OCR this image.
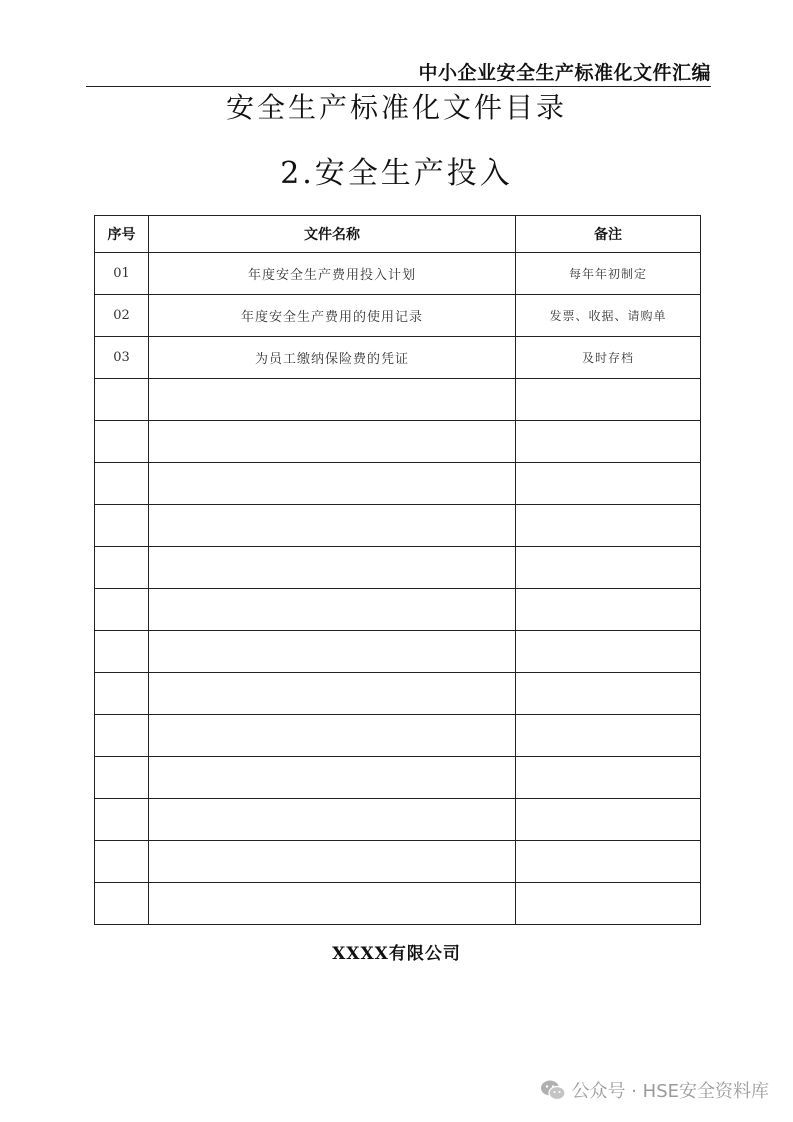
中小企业安全生产标准化文件汇编
安全生产标准化文件目录
2.安全生产投入
序号	文件名称	备注
01	年度安全生产费用投入计划	每年年初制定
02	年度安全生产费用的使用记录	发票、收据、请购单
03	为员工缴纳保险费的凭证	及时存档

XXXX有限公司
公众号 · HSE安全资料库
